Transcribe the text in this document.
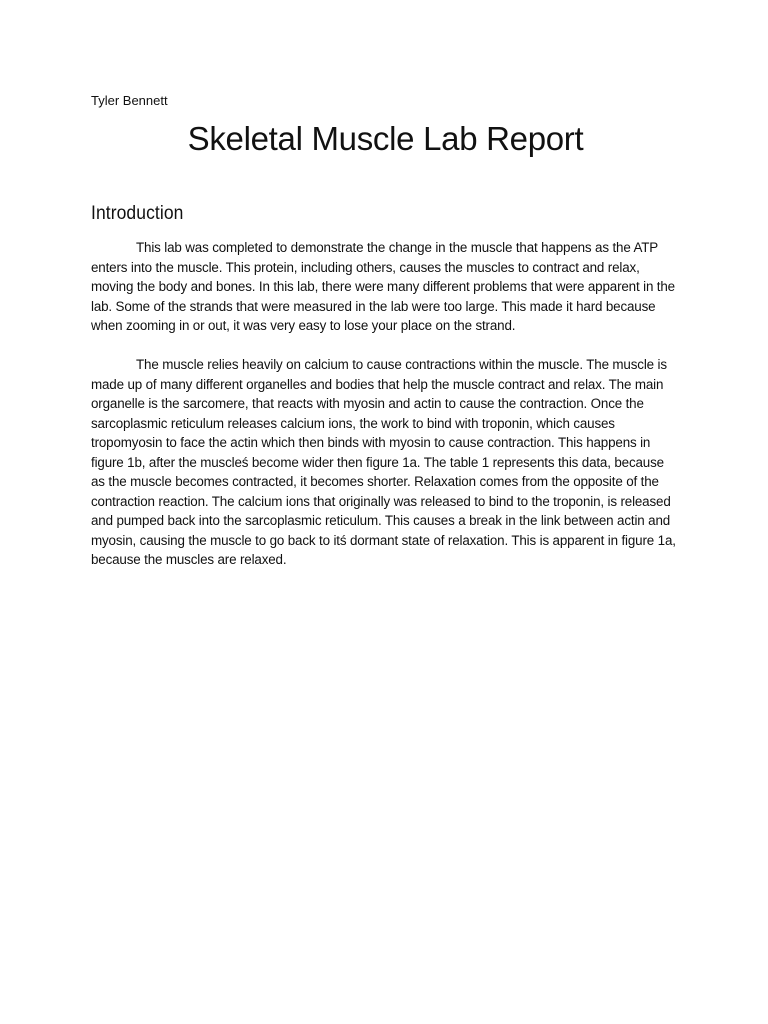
Tyler Bennett

Skeletal Muscle Lab Report
Introduction

This lab was completed to demonstrate the change in the muscle that happens as the ATP enters into the muscle. This protein, including others, causes the muscles to contract and relax, moving the body and bones. In this lab, there were many different problems that were apparent in the lab. Some of the strands that were measured in the lab were too large. This made it hard because when zooming in or out, it was very easy to lose your place on the strand.

The muscle relies heavily on calcium to cause contractions within the muscle. The muscle is made up of many different organelles and bodies that help the muscle contract and relax. The main organelle is the sarcomere, that reacts with myosin and actin to cause the contraction. Once the sarcoplasmic reticulum releases calcium ions, the work to bind with troponin, which causes tropomyosin to face the actin which then binds with myosin to cause contraction. This happens in figure 1b, after the muscleś become wider then figure 1a. The table 1 represents this data, because as the muscle becomes contracted, it becomes shorter. Relaxation comes from the opposite of the contraction reaction. The calcium ions that originally was released to bind to the troponin, is released and pumped back into the sarcoplasmic reticulum. This causes a break in the link between actin and myosin, causing the muscle to go back to itś dormant state of relaxation. This is apparent in figure 1a, because the muscles are relaxed.
